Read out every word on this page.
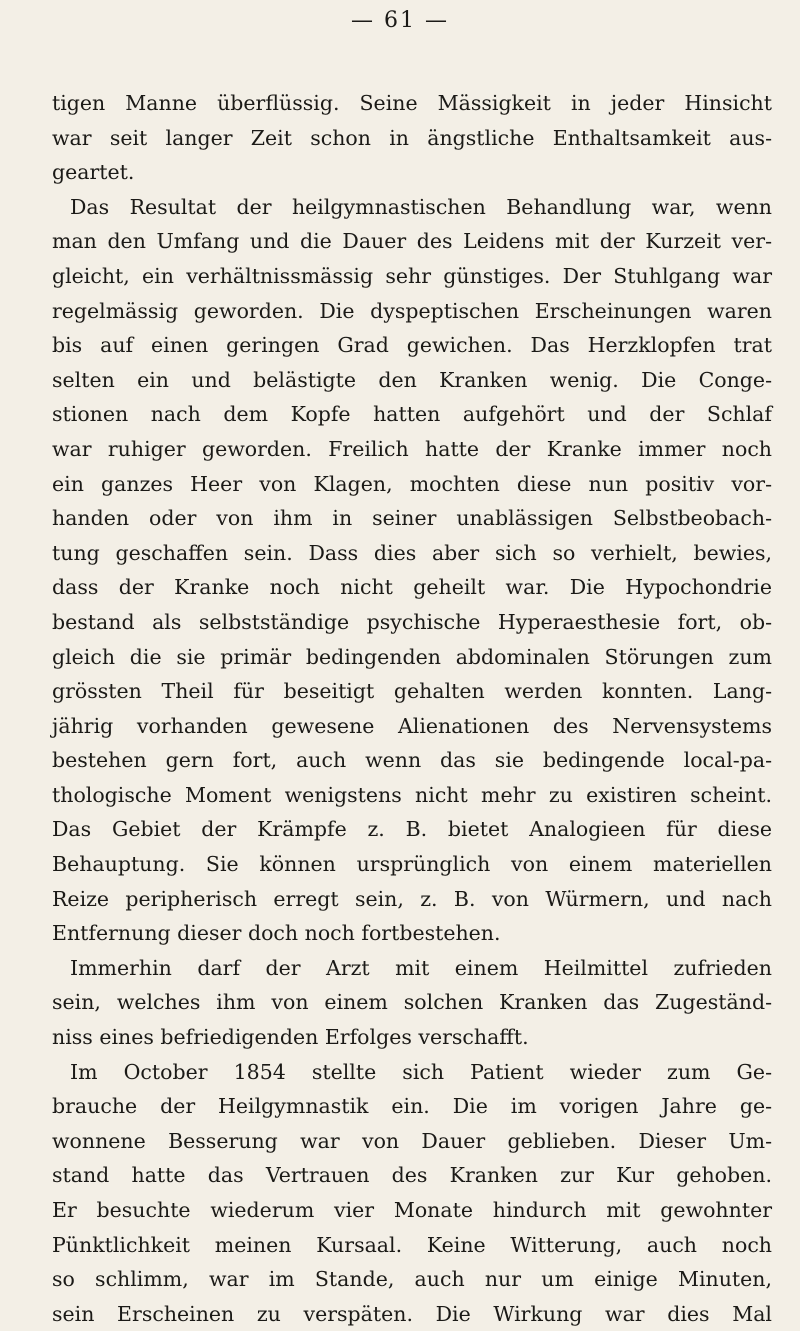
— 61 —
tigen Manne überflüssig. Seine Mässigkeit in jeder Hinsicht
war seit langer Zeit schon in ängstliche Enthaltsamkeit aus-
geartet.
Das Resultat der heilgymnastischen Behandlung war, wenn
man den Umfang und die Dauer des Leidens mit der Kurzeit ver-
gleicht, ein verhältnissmässig sehr günstiges. Der Stuhlgang war
regelmässig geworden. Die dyspeptischen Erscheinungen waren
bis auf einen geringen Grad gewichen. Das Herzklopfen trat
selten ein und belästigte den Kranken wenig. Die Conge-
stionen nach dem Kopfe hatten aufgehört und der Schlaf
war ruhiger geworden. Freilich hatte der Kranke immer noch
ein ganzes Heer von Klagen, mochten diese nun positiv vor-
handen oder von ihm in seiner unablässigen Selbstbeobach-
tung geschaffen sein. Dass dies aber sich so verhielt, bewies,
dass der Kranke noch nicht geheilt war. Die Hypochondrie
bestand als selbstständige psychische Hyperaesthesie fort, ob-
gleich die sie primär bedingenden abdominalen Störungen zum
grössten Theil für beseitigt gehalten werden konnten. Lang-
jährig vorhanden gewesene Alienationen des Nervensystems
bestehen gern fort, auch wenn das sie bedingende local-pa-
thologische Moment wenigstens nicht mehr zu existiren scheint.
Das Gebiet der Krämpfe z. B. bietet Analogieen für diese
Behauptung. Sie können ursprünglich von einem materiellen
Reize peripherisch erregt sein, z. B. von Würmern, und nach
Entfernung dieser doch noch fortbestehen.
Immerhin darf der Arzt mit einem Heilmittel zufrieden
sein, welches ihm von einem solchen Kranken das Zugeständ-
niss eines befriedigenden Erfolges verschafft.
Im October 1854 stellte sich Patient wieder zum Ge-
brauche der Heilgymnastik ein. Die im vorigen Jahre ge-
wonnene Besserung war von Dauer geblieben. Dieser Um-
stand hatte das Vertrauen des Kranken zur Kur gehoben.
Er besuchte wiederum vier Monate hindurch mit gewohnter
Pünktlichkeit meinen Kursaal. Keine Witterung, auch noch
so schlimm, war im Stande, auch nur um einige Minuten,
sein Erscheinen zu verspäten. Die Wirkung war dies Mal
